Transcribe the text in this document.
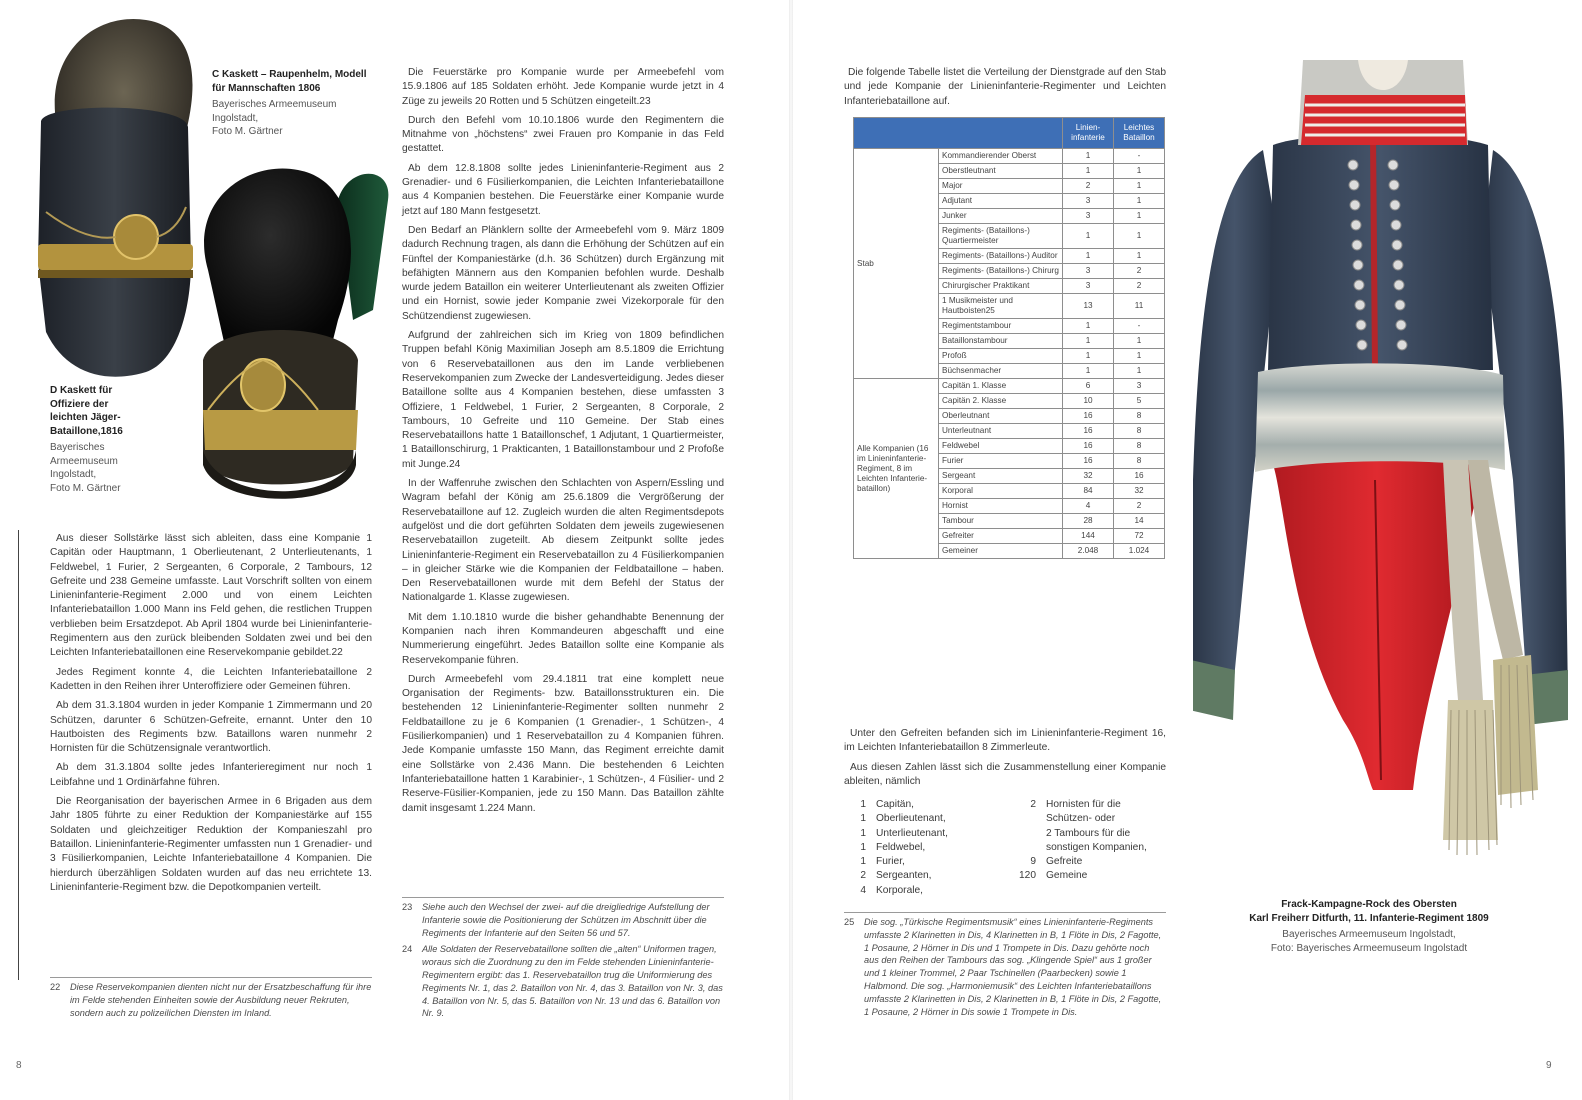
C Kaskett – Raupenhelm, Modell für Mannschaften 1806
Bayerisches Armeemuseum
Ingolstadt,
Foto M. Gärtner
D Kaskett für Offiziere der leichten Jäger-Bataillone,1816
Bayerisches
Armeemuseum
Ingolstadt,
Foto M. Gärtner

Aus dieser Sollstärke lässt sich ableiten, dass eine Kompanie 1 Capitän oder Hauptmann, 1 Oberlieutenant, 2 Unterlieutenants, 1 Feldwebel, 1 Furier, 2 Sergeanten, 6 Corporale, 2 Tambours, 12 Gefreite und 238 Gemeine umfasste. Laut Vorschrift sollten von einem Linieninfanterie-Regiment 2.000 und von einem Leichten Infanteriebataillon 1.000 Mann ins Feld gehen, die restlichen Truppen verblieben beim Ersatzdepot. Ab April 1804 wurde bei Linieninfanterie-Regimentern aus den zurück bleibenden Soldaten zwei und bei den Leichten Infanteriebataillonen eine Reservekompanie gebildet.22

Jedes Regiment konnte 4, die Leichten Infanteriebataillone 2 Kadetten in den Reihen ihrer Unteroffiziere oder Gemeinen führen.

Ab dem 31.3.1804 wurden in jeder Kompanie 1 Zimmermann und 20 Schützen, darunter 6 Schützen-Gefreite, ernannt. Unter den 10 Hautboisten des Regiments bzw. Bataillons waren nunmehr 2 Hornisten für die Schützensignale verantwortlich.

Ab dem 31.3.1804 sollte jedes Infanterieregiment nur noch 1 Leibfahne und 1 Ordinärfahne führen.

Die Reorganisation der bayerischen Armee in 6 Brigaden aus dem Jahr 1805 führte zu einer Reduktion der Kompaniestärke auf 155 Soldaten und gleichzeitiger Reduktion der Kompanieszahl pro Bataillon. Linieninfanterie-Regimenter umfassten nun 1 Grenadier- und 3 Füsilierkompanien, Leichte Infanteriebataillone 4 Kompanien. Die hierdurch überzähligen Soldaten wurden auf das neu errichtete 13. Linieninfanterie-Regiment bzw. die Depotkompanien verteilt.

Die Feuerstärke pro Kompanie wurde per Armeebefehl vom 15.9.1806 auf 185 Soldaten erhöht. Jede Kompanie wurde jetzt in 4 Züge zu jeweils 20 Rotten und 5 Schützen eingeteilt.23

Durch den Befehl vom 10.10.1806 wurde den Regimentern die Mitnahme von „höchstens“ zwei Frauen pro Kompanie in das Feld gestattet.

Ab dem 12.8.1808 sollte jedes Linieninfanterie-Regiment aus 2 Grenadier- und 6 Füsilierkompanien, die Leichten Infanteriebataillone aus 4 Kompanien bestehen. Die Feuerstärke einer Kompanie wurde jetzt auf 180 Mann festgesetzt.

Den Bedarf an Plänklern sollte der Armeebefehl vom 9. März 1809 dadurch Rechnung tragen, als dann die Erhöhung der Schützen auf ein Fünftel der Kompaniestärke (d.h. 36 Schützen) durch Ergänzung mit befähigten Männern aus den Kompanien befohlen wurde. Deshalb wurde jedem Bataillon ein weiterer Unterlieutenant als zweiten Offizier und ein Hornist, sowie jeder Kompanie zwei Vizekorporale für den Schützendienst zugewiesen.

Aufgrund der zahlreichen sich im Krieg von 1809 befindlichen Truppen befahl König Maximilian Joseph am 8.5.1809 die Errichtung von 6 Reservebataillonen aus den im Lande verbliebenen Reservekompanien zum Zwecke der Landesverteidigung. Jedes dieser Bataillone sollte aus 4 Kompanien bestehen, diese umfassten 3 Offiziere, 1 Feldwebel, 1 Furier, 2 Sergeanten, 8 Corporale, 2 Tambours, 10 Gefreite und 110 Gemeine. Der Stab eines Reservebataillons hatte 1 Bataillonschef, 1 Adjutant, 1 Quartiermeister, 1 Bataillonschirurg, 1 Prakticanten, 1 Bataillonstambour und 2 Profoße mit Junge.24

In der Waffenruhe zwischen den Schlachten von Aspern/Essling und Wagram befahl der König am 25.6.1809 die Vergrößerung der Reservebataillone auf 12. Zugleich wurden die alten Regimentsdepots aufgelöst und die dort geführten Soldaten dem jeweils zugewiesenen Reservebataillon zugeteilt. Ab diesem Zeitpunkt sollte jedes Linieninfanterie-Regiment ein Reservebataillon zu 4 Füsilierkompanien – in gleicher Stärke wie die Kompanien der Feldbataillone – haben. Den Reservebataillonen wurde mit dem Befehl der Status der Nationalgarde 1. Klasse zugewiesen.

Mit dem 1.10.1810 wurde die bisher gehandhabte Benennung der Kompanien nach ihren Kommandeuren abgeschafft und eine Nummerierung eingeführt. Jedes Bataillon sollte eine Kompanie als Reservekompanie führen.

Durch Armeebefehl vom 29.4.1811 trat eine komplett neue Organisation der Regiments- bzw. Bataillonsstrukturen ein. Die bestehenden 12 Linieninfanterie-Regimenter sollten nunmehr 2 Feldbataillone zu je 6 Kompanien (1 Grenadier-, 1 Schützen-, 4 Füsilierkompanien) und 1 Reservebataillon zu 4 Kompanien führen. Jede Kompanie umfasste 150 Mann, das Regiment erreichte damit eine Sollstärke von 2.436 Mann. Die bestehenden 6 Leichten Infanteriebataillone hatten 1 Karabinier-, 1 Schützen-, 4 Füsilier- und 2 Reserve-Füsilier-Kompanien, jede zu 150 Mann. Das Bataillon zählte damit insgesamt 1.224 Mann.

22	Diese Reservekompanien dienten nicht nur der Ersatzbeschaffung für ihre im Felde stehenden Einheiten sowie der Ausbildung neuer Rekruten, sondern auch zu polizeilichen Diensten im Inland.
23	Siehe auch den Wechsel der zwei- auf die dreigliedrige Aufstellung der Infanterie sowie die Positionierung der Schützen im Abschnitt über die Regiments der Infanterie auf den Seiten 56 und 57.
24	Alle Soldaten der Reservebataillone sollten die „alten“ Uniformen tragen, woraus sich die Zuordnung zu den im Felde stehenden Linieninfanterie-Regimentern ergibt: das 1. Reservebataillon trug die Uniformierung des Regiments Nr. 1, das 2. Bataillon von Nr. 4, das 3. Bataillon von Nr. 3, das 4. Bataillon von Nr. 5, das 5. Bataillon von Nr. 13 und das 6. Bataillon von Nr. 9.
8

Die folgende Tabelle listet die Verteilung der Dienstgrade auf den Stab und jede Kompanie der Linieninfanterie-Regimenter und Leichten Infanteriebataillone auf.

		Linien-infanterie	Leichtes Bataillon
Stab	Kommandierender Oberst	1	-
	Oberstleutnant	1	1
	Major	2	1
	Adjutant	3	1
	Junker	3	1
	Regiments- (Bataillons-) Quartiermeister	1	1
	Regiments- (Bataillons-) Auditor	1	1
	Regiments- (Bataillons-) Chirurg	3	2
	Chirurgischer Praktikant	3	2
	1 Musikmeister und Hautboisten25	13	11
	Regimentstambour	1	-
	Bataillonstambour	1	1
	Profoß	1	1
	Büchsenmacher	1	1
Alle Kompanien (16 im Linieninfanterie-Regiment, 8 im Leichten Infanterie-bataillon)	Capitän 1. Klasse	6	3
	Capitän 2. Klasse	10	5
	Oberleutnant	16	8
	Unterleutnant	16	8
	Feldwebel	16	8
	Furier	16	8
	Sergeant	32	16
	Korporal	84	32
	Hornist	4	2
	Tambour	28	14
	Gefreiter	144	72
	Gemeiner	2.048	1.024

Unter den Gefreiten befanden sich im Linieninfanterie-Regiment 16, im Leichten Infanteriebataillon 8 Zimmerleute.

Aus diesen Zahlen lässt sich die Zusammenstellung einer Kompanie ableiten, nämlich

1 Capitän,
1 Oberlieutenant,
1 Unterlieutenant,
1 Feldwebel,
1 Furier,
2 Sergeanten,
4 Korporale,
2 Hornisten für die
Schützen- oder
2 Tambours für die
sonstigen Kompanien,
9 Gefreite
120 Gemeine
25	Die sog. „Türkische Regimentsmusik“ eines Linieninfanterie-Regiments umfasste 2 Klarinetten in Dis, 4 Klarinetten in B, 1 Flöte in Dis, 2 Fagotte, 1 Posaune, 2 Hörner in Dis und 1 Trompete in Dis. Dazu gehörte noch aus den Reihen der Tambours das sog. „Klingende Spiel“ aus 1 großer und 1 kleiner Trommel, 2 Paar Tschinellen (Paarbecken) sowie 1 Halbmond. Die sog. „Harmoniemusik“ des Leichten Infanteriebataillons umfasste 2 Klarinetten in Dis, 2 Klarinetten in B, 1 Flöte in Dis, 2 Fagotte, 1 Posaune, 2 Hörner in Dis sowie 1 Trompete in Dis.
Frack-Kampagne-Rock des Obersten
Karl Freiherr Ditfurth, 11. Infanterie-Regiment 1809
Bayerisches Armeemuseum Ingolstadt,
Foto: Bayerisches Armeemuseum Ingolstadt
9
